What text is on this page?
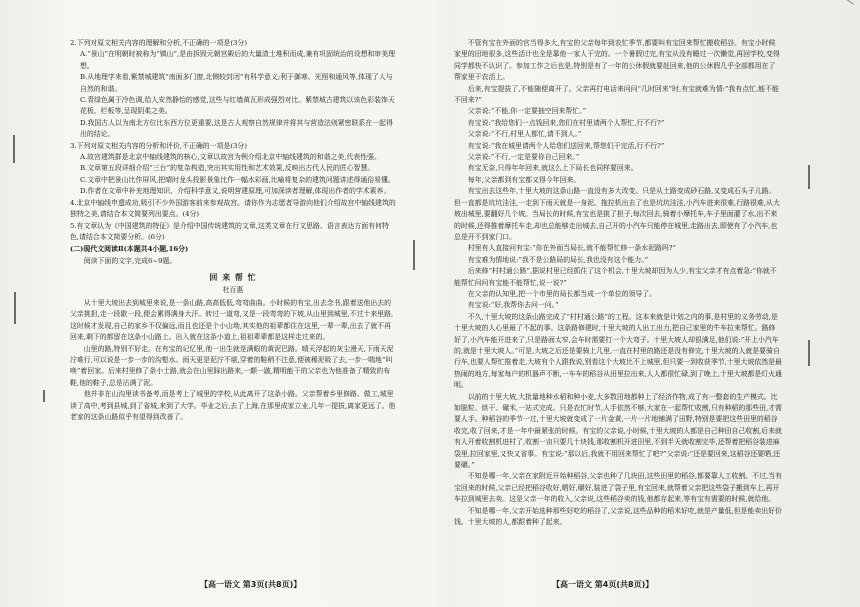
2.下列对原文相关内容的理解和分析,不正确的一项是(3分)

A.“景山”在明朝时被称为“镇山”,是由拆毁元朝宫殿后的大量渣土堆积而成,兼有巩固统治的设想和审美理想。

B.从地理学来看,紫禁城建筑“南面多门窗,北侧较封闭”有科学意义;利于御寒、光照和通风等,体现了人与自然的和谐。

C.青绿色属于冷色调,给人安然静怡的感觉,这些与红墙黄瓦形成强烈对比。紫禁城古建筑以该色彩装饰天花板、栏板等,呈现阴柔之美。

D.我国古人以为南北方位比东西方位更重要,这是古人观察自然规律并将其与营造法则紧密联系在一起得出的结论。

3.下列对原文相关内容的分析和评价,不正确的一项是(3分)

A.故宫建筑群是北京中轴线建筑的核心,文章以故宫为例介绍北京中轴线建筑的和谐之美,代表性强。

B.文章第五段详细介绍“三台”的复杂构造,突出其实用性和艺术效果,反映出古代人民的匠心智慧。

C.文章中把景山比作屏风,把晴时龙头投影景象比作一幅水彩画,比喻将复杂的建筑问题讲述得通俗易懂。

D.作者在文章中补充地理知识、介绍科学意义,说明营建原理,可加深读者理解,体现出作者的学术素养。

4.北京中轴线申遗成功,吸引不少外国游客前来参观故宫。请你作为志愿者导游向他们介绍故宫中轴线建筑的独特之美,请结合本文简要列出要点。(4分)

5.有文章认为《中国建筑的特征》是介绍中国传统建筑的文章,这类文章在行文思路、语言表达方面有何特色,请结合本文简要分析。(6分)

(二)现代文阅读Ⅱ(本题共4小题,16分)

阅读下面的文字,完成6~9题。

回 来 帮 忙

杜百惠

从十里大坡出去到城里来说,是一条山路,高高低低,弯弯曲曲。小时候的有宝,出去念书,跟着送他出去的父亲挑担,走一段歇一段,便会累得满身大汗。转过一道弯,又是一段弯弯的下坡,从山里到城里,不过十来里路,这时候才发现,自己的家乡不仅偏远,而且也还是个小山坳,其实他的祖辈都住在这里,一辈一辈,出去了就不再回来,剩下的都留在这条小山路上。出入就在这条小道上,祖祖辈辈都是这样走过来的。

山里的路,特别不好走。在有宝的记忆里,他一出生就是满眼的黄泥巴路。晴天浮起的灰尘漫天,下雨天泥泞难行,可以说是一步一步的沟壑水。雨天更是泥泞不堪,穿着的鞋稍不注意,便被稀泥吸了去,一步一喘地“叫唤”着回家。后来村里修了条小土路,就会在山里踩出路来,一颠一跛,精明能干的父亲也为他准备了精致的布鞋,他的鞋子,总是沾满了泥。

他并非在山沟里读书备考,而是考上了城里的学校,从此离开了这条小路。父亲帮着乡里修路、做工,城里读了高中,考到县城,到了省城,来到了大学。毕业之后,去了上海,在那里成家立业,几年一提拔,离家更远了。他老家的这条山路似乎有望得到改善了。

不管有宝在外面的官当得多大,有宝的父亲每年到农忙季节,都要叫有宝回来帮忙搬收稻谷。有宝小时候家里的田地很多,这些活计也全是靠他一家人干完的。一个暑假过完,有宝从没有睡过一次懒觉,再回学校,变得同学都快不认识了。参加工作之后也是,特别是有了一年的公休假就要赶回来,他的公休假几乎全部都用在了帮家里干农活上。

后来,有宝提拔了,不能随便离开了。父亲再打电话来问问“几时回来”时,有宝就难为情:“我有点忙,能不能不回来?”

父亲说:“不能,你一定要抽空回来帮忙。”

有宝说:“我给您们一点钱回来,您们在村里请两个人帮忙,行不行?”

父亲说:“不行,村里人都忙,请不到人。”

有宝说:“我在城里请两个人给您们送回来,帮您们干完活,行不行?”

父亲说:“不行,一定是要你自己回来。”

有宝无奈,只得年年回来,就这么上下局长也同样要回来。

每年,父亲都到有宝都又得今年回来。

有宝出去这些年,十里大坡的这条山路一直没有多大改变。只是从土路变成砂石路,又变成石头子儿路。但一直都是坑坑洼洼,一走到下雨天就是一身泥。拖拉机出去了也是坑坑洼洼,小汽车进来很难,行路很难,从大坡出城里,要翻好几个坡。当局长的时候,有宝也是挑了担子,每次回去,骑着小摩托车,车子里面灌了水,出不来的时候,还得推着摩托车走,却也总能够走出城去,自己开的小汽车只能停在城里,走路出去,即使有了小汽车,也总是开不到家门口。

村里有人直接问有宝:“你在外面当局长,就不能帮忙修一条水泥路吗?”

有宝难为情地说:“我不是公路局的局长,我也没有这个能力。”

后来修“村村通公路”,据说村里已经抓住了这个机会,十里大坡却因为人少,有宝父亲才有点着急:“你就不能帮忙问问有宝能不能帮忙,说一说?”

在父亲的认知里,把一个市里的局长都当成一个单位的领导了。

有宝说:“好,我帮你去问一问。”

不久,十里大坡的这条山路完成了“村村通公路”的工程。这本来就是计划之内的事,是村里的义务劳动,是十里大坡的人心里最了不起的事。这条路修建时,十里大坡的人出工出力,把自己家里的牛车拉来帮忙。路修好了,小汽车能开进来了,只是路面太窄,会车时需要打一个大弯子。十里大坡人却很满足,他们说:“开上小汽车的,就是十里大坡人。”可是,大坡之后还是要骑上几里,一直在村里的路还是没有修完,十里大坡的人就是要骑自行车,也要人帮忙推着走,大坡有个人跟我说,别看这个大坡比不上城里,但只要一到收获季节,十里大坡依然是最热闹的地方,每家每户的机器声不断,一车车的稻谷从田里拉出来,人人都很忙碌,到了晚上,十里大坡都是灯火通明。

以前的十里大坡,大批量地种水稻和种小麦,大多数田地都种上了经济作物,成了有一整套的生产模式。比如脱粒、烘干、碾米,一站式完成。只是农忙时节,人手依然不够,大家在一起帮忙收割,只有种稻的那些田,才需要人手。种稻谷的季节一过,十里大坡就变成了一片金黄,一片一片地铺满了田野,特别是要把这些田里的稻谷收完,收了回来,才是一年中最紧张的时候。有宝的父亲说,小时候,十里大坡的人都是自己种田自己收割,后来就有人开着收割机进村了,收割一亩只要几十块钱,那收割机开进田里,不到半天就收割完毕,还帮着把稻谷装进麻袋里,拉回家里,又快又省事。有宝说:“那以后,我就不用回来帮忙了吧?”父亲说:“还是要回来,这稻谷还要晒,还要碾。”

不知是哪一年,父亲在家附近开始种稻谷,父亲也种了几块田,这些田里的稻谷,都要靠人工收割。不过,当有宝回来的时候,父亲已经把稻谷收好,晒好,碾好,装进了袋子里,有宝回来,就帮着父亲把这些袋子搬到车上,再开车拉到城里去卖。这是父亲一年的收入,父亲说,这些稻谷卖的钱,他都存起来,等有宝有需要的时候,就给他。

不知是哪一年,父亲开始选种那些好吃的稻谷了,父亲说,这些品种的稻米好吃,就是产量低,但是能卖出好价钱。十里大坡的人,都跟着种了起来。

【高一语文 第3页(共8页)】	【高一语文 第4页(共8页)】
